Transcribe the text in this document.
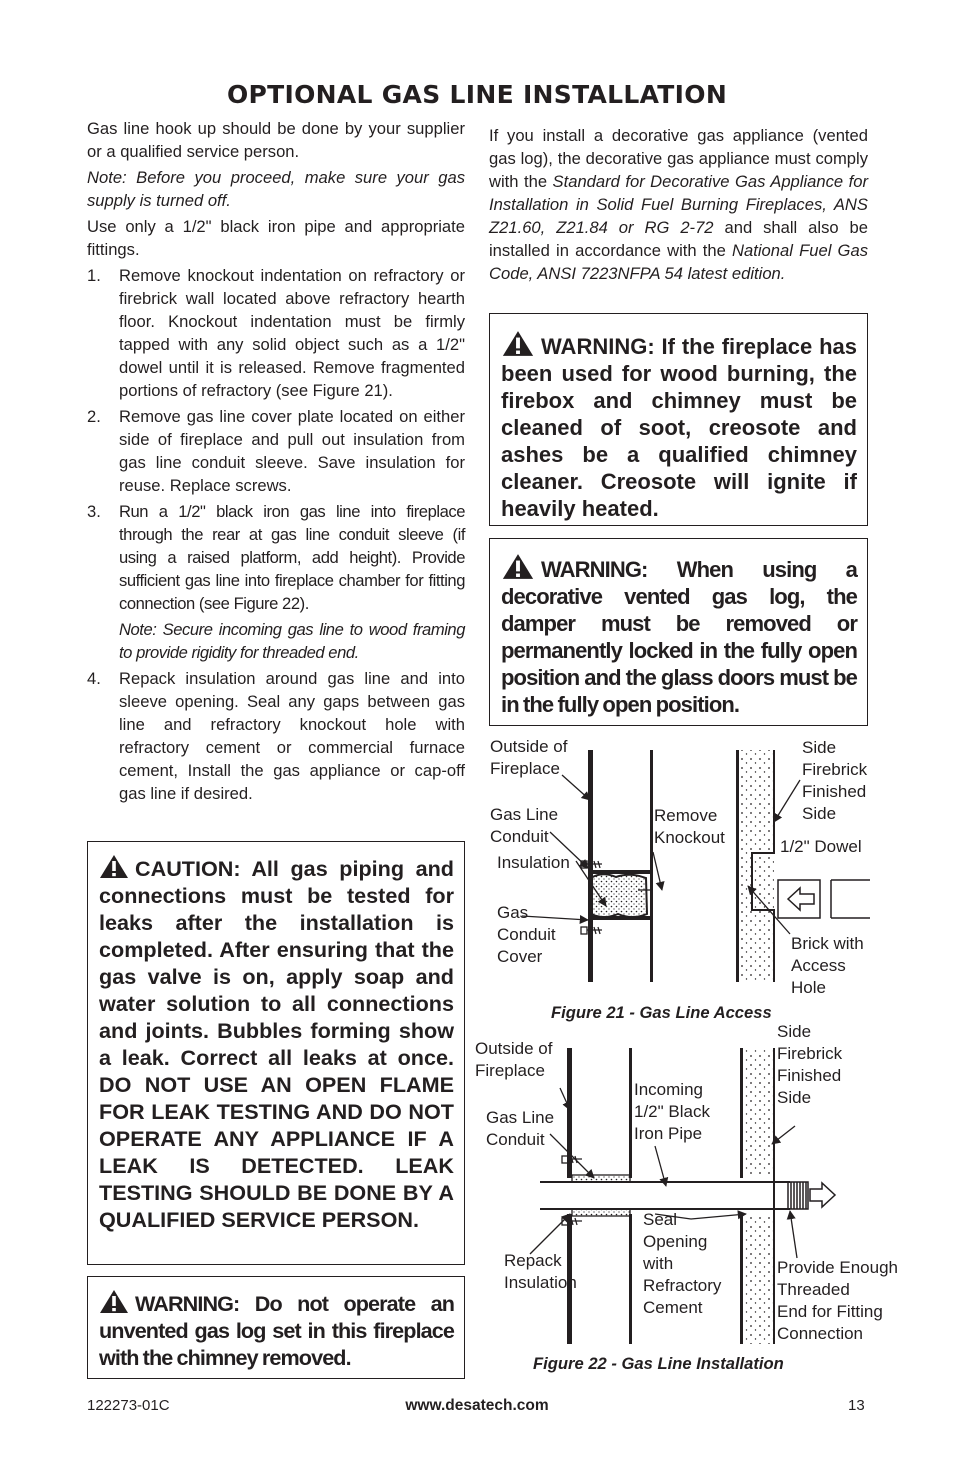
OPTIONAL GAS LINE INSTALLATION

Gas line hook up should be done by your supplier or a qualified service person.

Note: Before you proceed, make sure your gas supply is turned off.

Use only a 1/2" black iron pipe and appropriate fittings.

1. Remove knockout indentation on refractory or firebrick wall located above refractory hearth floor. Knockout indentation must be firmly tapped with any solid object such as a 1/2" dowel until it is released. Remove fragmented portions of refractory (see Figure 21).
2. Remove gas line cover plate located on either side of fireplace and pull out insulation from gas line conduit sleeve. Save insulation for reuse. Replace screws.
3. Run a 1/2" black iron gas line into fireplace through the rear at gas line conduit sleeve (if using a raised platform, add height). Provide sufficient gas line into fireplace chamber for fitting connection (see Figure 22).
Note: Secure incoming gas line to wood framing to provide rigidity for threaded end.
4. Repack insulation around gas line and into sleeve opening. Seal any gaps between gas line and refractory knockout hole with refractory cement or commercial furnace cement, Install the gas appliance or cap-off gas line if desired.
CAUTION: All gas piping and connections must be tested for leaks after the installation is completed. After ensuring that the gas valve is on, apply soap and water solution to all connections and joints. Bubbles forming show a leak. Correct all leaks at once. DO NOT USE AN OPEN FLAME FOR LEAK TESTING AND DO NOT OPERATE ANY APPLIANCE IF A LEAK IS DETECTED. LEAK TESTING SHOULD BE DONE BY A QUALIFIED SERVICE PERSON.
WARNING: Do not operate an unvented gas log set in this fireplace with the chimney removed.

If you install a decorative gas appliance (vented gas log), the decorative gas appliance must comply with the Standard for Decorative Gas Appliance for Installation in Solid Fuel Burning Fireplaces, ANS Z21.60, Z21.84 or RG 2-72 and shall also be installed in accordance with the National Fuel Gas Code, ANSI 7223NFPA 54 latest edition.

WARNING: If the fireplace has been used for wood burning, the firebox and chimney must be cleaned of soot, creosote and ashes be a qualified chimney cleaner. Creosote will ignite if heavily heated.
WARNING: When using a decorative vented gas log, the damper must be removed or permanently locked in the fully open position and the glass doors must be in the fully open position.
Outside of
Fireplace
Gas Line
Conduit
Insulation
Gas
Conduit
Cover
Remove
Knockout
Side
Firebrick
Finished
Side
1/2" Dowel
Brick with
Access
Hole
Figure 21 - Gas Line Access
Outside of
Fireplace
Gas Line
Conduit
Incoming
1/2" Black
Iron Pipe
Side
Firebrick
Finished
Side
Repack
Insulation
Seal
Opening
with
Refractory
Cement
Provide Enough
Threaded
End for Fitting
Connection
Figure 22 - Gas Line Installation
122273-01C	www.desatech.com	13
